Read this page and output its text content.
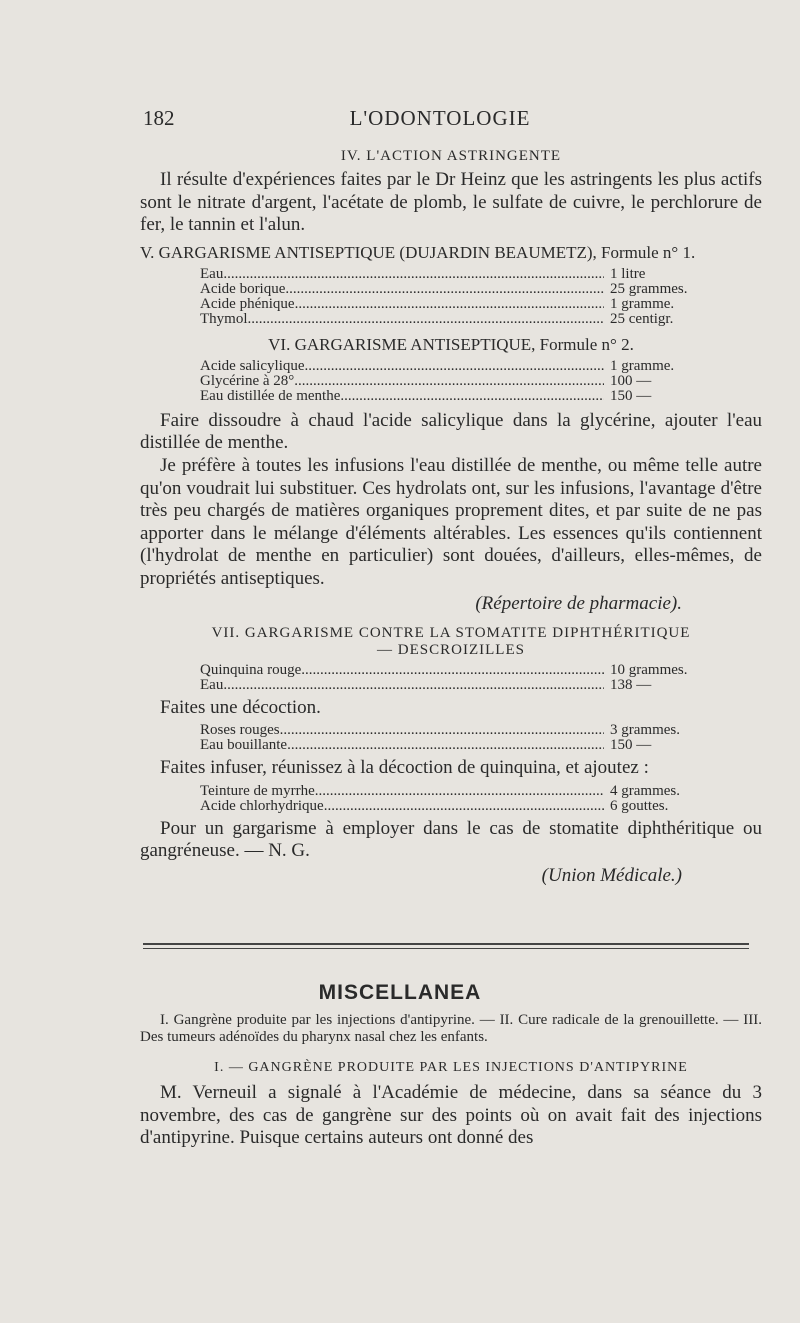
182	L'ODONTOLOGIE
IV. L'ACTION ASTRINGENTE

Il résulte d'expériences faites par le Dr Heinz que les astringents les plus actifs sont le nitrate d'argent, l'acétate de plomb, le sulfate de cuivre, le perchlorure de fer, le tannin et l'alun.

V. GARGARISME ANTISEPTIQUE (DUJARDIN BEAUMETZ), Formule n° 1.
Eau .....	1 litre
Acide borique .....	25 grammes.
Acide phénique .....	1 gramme.
Thymol .....	25 centigr.
VI. GARGARISME ANTISEPTIQUE, Formule n° 2.
Acide salicylique .....	1 gramme.
Glycérine à 28° .....	100 —
Eau distillée de menthe .....	150 —

Faire dissoudre à chaud l'acide salicylique dans la glycérine, ajouter l'eau distillée de menthe.

Je préfère à toutes les infusions l'eau distillée de menthe, ou même telle autre qu'on voudrait lui substituer. Ces hydrolats ont, sur les infusions, l'avantage d'être très peu chargés de matières organiques proprement dites, et par suite de ne pas apporter dans le mélange d'éléments altérables. Les essences qu'ils contiennent (l'hydrolat de menthe en particulier) sont douées, d'ailleurs, elles-mêmes, de propriétés antiseptiques.

(Répertoire de pharmacie).
VII. GARGARISME CONTRE LA STOMATITE DIPHTHÉRITIQUE
— DESCROIZILLES
Quinquina rouge .....	10 grammes.
Eau .....	138 —

Faites une décoction.

Roses rouges .....	3 grammes.
Eau bouillante .....	150 —

Faites infuser, réunissez à la décoction de quinquina, et ajoutez :

Teinture de myrrhe .....	4 grammes.
Acide chlorhydrique .....	6 gouttes.

Pour un gargarisme à employer dans le cas de stomatite diphthéritique ou gangréneuse. — N. G.

(Union Médicale.)
MISCELLANEA

I. Gangrène produite par les injections d'antipyrine. — II. Cure radicale de la grenouillette. — III. Des tumeurs adénoïdes du pharynx nasal chez les enfants.

I. — GANGRÈNE PRODUITE PAR LES INJECTIONS D'ANTIPYRINE

M. Verneuil a signalé à l'Académie de médecine, dans sa séance du 3 novembre, des cas de gangrène sur des points où on avait fait des injections d'antipyrine. Puisque certains auteurs ont donné des
